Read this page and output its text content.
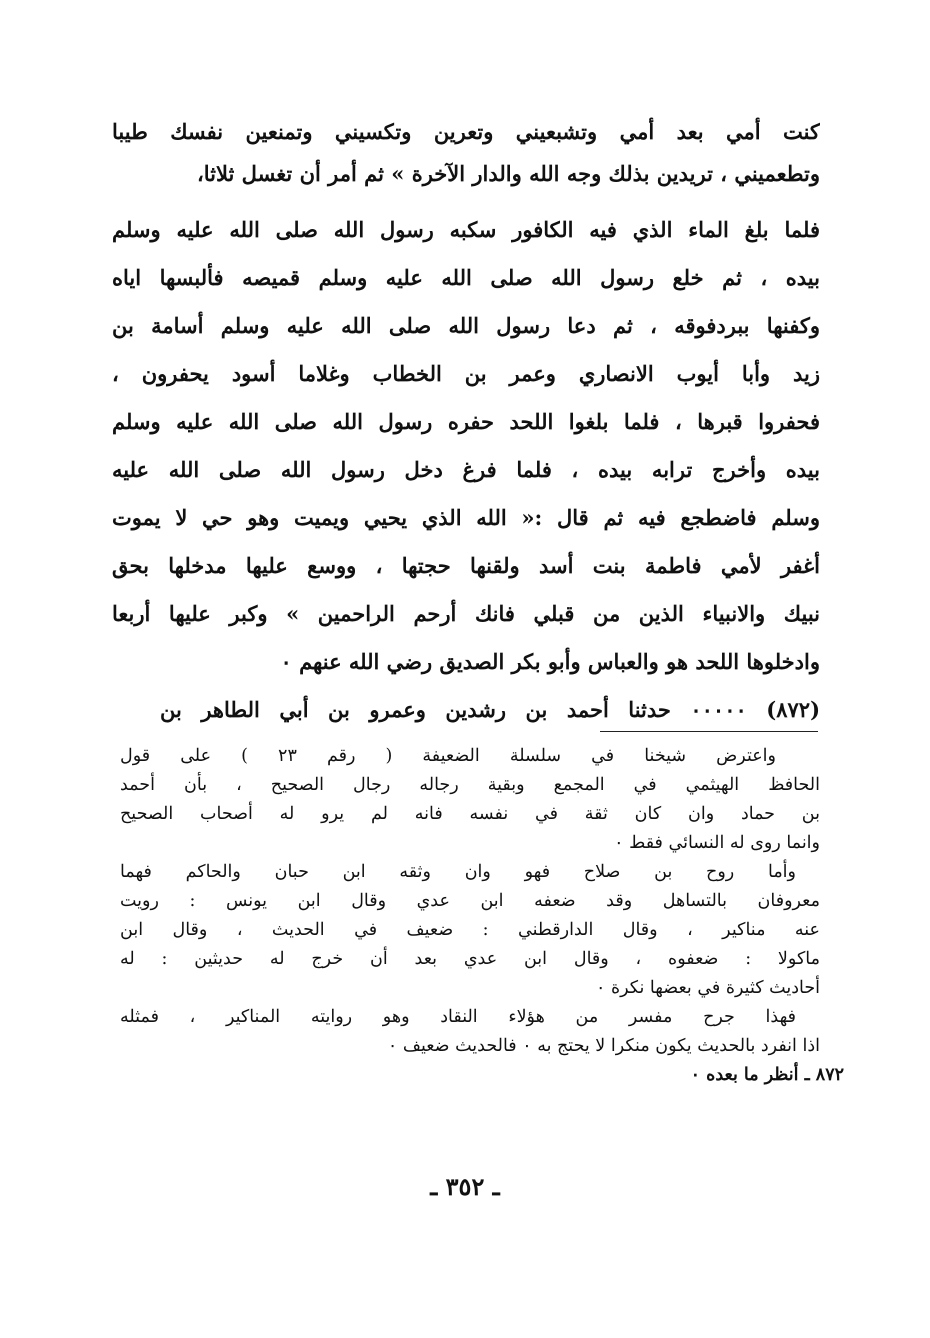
كنت أمي بعد أمي وتشبعيني وتعرين وتكسيني وتمنعين نفسك طيبا
وتطعميني ، تريدين بذلك وجه الله والدار الآخرة » ثم أمر أن تغسل ثلاثا،
فلما بلغ الماء الذي فيه الكافور سكبه رسول الله صلى الله عليه وسلم
بيده ، ثم خلع رسول الله صلى الله عليه وسلم قميصه فألبسها اياه
وكفنها ببردفوقه ، ثم دعا رسول الله صلى الله عليه وسلم أسامة بن
زيد وأبا أيوب الانصاري وعمر بن الخطاب وغلاما أسود يحفرون ،
فحفروا قبرها ، فلما بلغوا اللحد حفره رسول الله صلى الله عليه وسلم
بيده وأخرج ترابه بيده ، فلما فرغ دخل رسول الله صلى الله عليه
وسلم فاضطجع فيه ثم قال :« الله الذي يحيي ويميت وهو حي لا يموت
أغفر لأمي فاطمة بنت أسد ولقنها حجتها ، ووسع عليها مدخلها بحق
نبيك والانبياء الذين من قبلي فانك أرحم الراحمين » وكبر عليها أربعا
وادخلوها اللحد هو والعباس وأبو بكر الصديق رضي الله عنهم ٠
(٨٧٢) ٠٠٠٠٠ حدثنا أحمد بن رشدين وعمرو بن أبي الطاهر بن
واعترض شيخنا في سلسلة الضعيفة ( رقم ٢٣ ) على قول
الحافظ الهيثمي في المجمع وبقية رجاله رجال الصحيح ، بأن أحمد
بن حماد وان كان ثقة في نفسه فانه لم يرو له أصحاب الصحيح
وانما روى له النسائي فقط ٠
وأما روح بن صلاح فهو وان وثقه ابن حبان والحاكم فهما
معروفان بالتساهل وقد ضعفه ابن عدي وقال ابن يونس : رويت
عنه مناكير ، وقال الدارقطني : ضعيف في الحديث ، وقال ابن
ماكولا : ضعفوه ، وقال ابن عدي بعد أن خرج له حديثين : له
أحاديث كثيرة في بعضها نكرة ٠
فهذا جرح مفسر من هؤلاء النقاد وهو روايته المناكير ، فمثله
اذا انفرد بالحديث يكون منكرا لا يحتج به ٠ فالحديث ضعيف ٠
٨٧٢ ـ أنظر ما بعده ٠
ـ ٣٥٢ ـ
